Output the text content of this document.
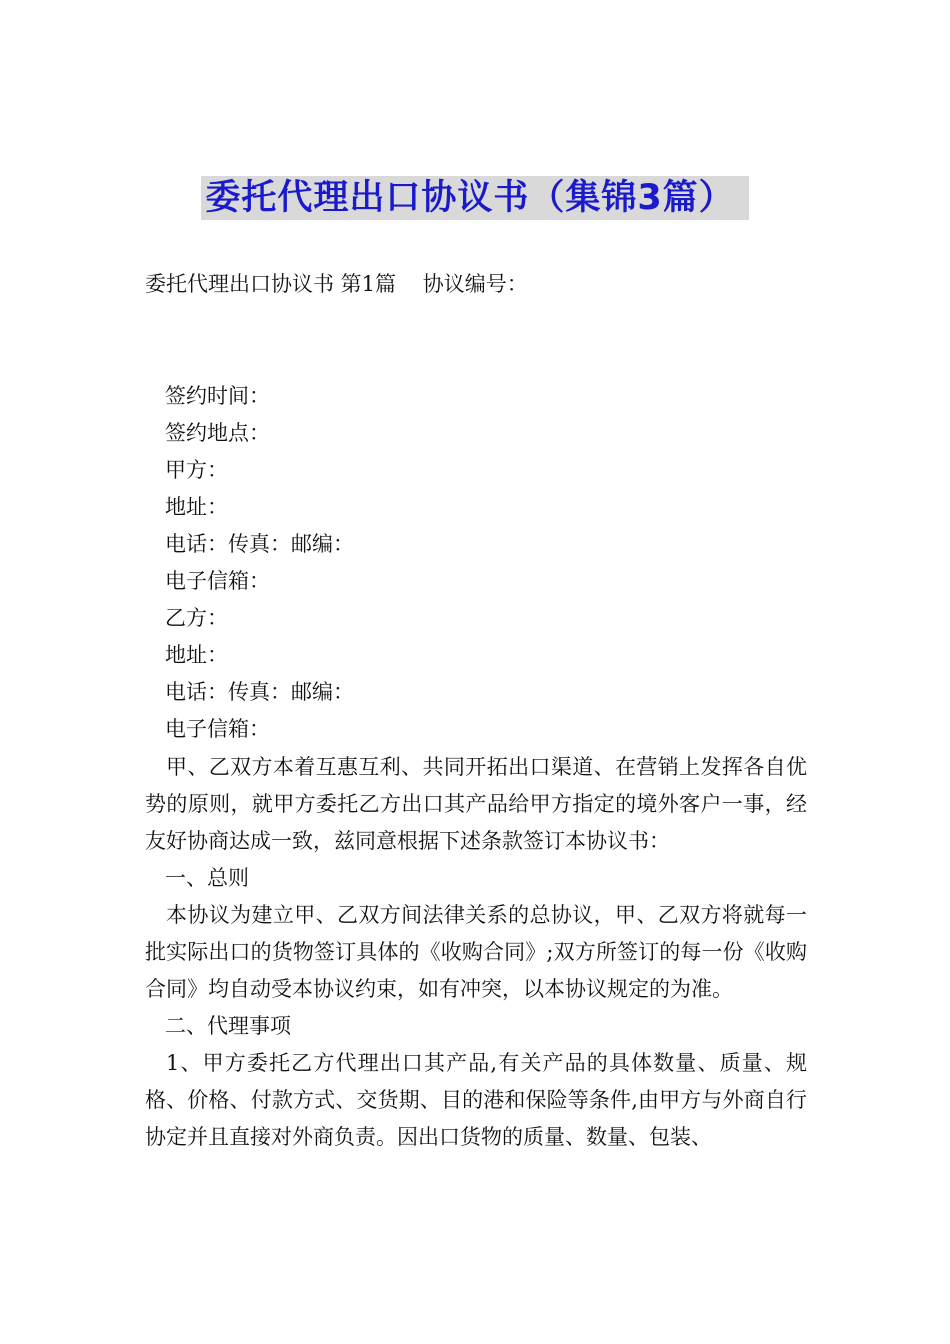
委托代理出口协议书（集锦3篇）
委托代理出口协议书 第1篇    协议编号：
签约时间：
签约地点：
甲方：
地址：
电话：传真：邮编：
电子信箱：
乙方：
地址：
电话：传真：邮编：
电子信箱：

甲、乙双方本着互惠互利、共同开拓出口渠道、在营销上发挥各自优势的原则，就甲方委托乙方出口其产品给甲方指定的境外客户一事，经友好协商达成一致，兹同意根据下述条款签订本协议书：

一、总则

本协议为建立甲、乙双方间法律关系的总协议，甲、乙双方将就每一批实际出口的货物签订具体的《收购合同》;双方所签订的每一份《收购合同》均自动受本协议约束，如有冲突，以本协议规定的为准。

二、代理事项

1、甲方委托乙方代理出口其产品,有关产品的具体数量、质量、规格、价格、付款方式、交货期、目的港和保险等条件,由甲方与外商自行协定并且直接对外商负责。因出口货物的质量、数量、包装、
